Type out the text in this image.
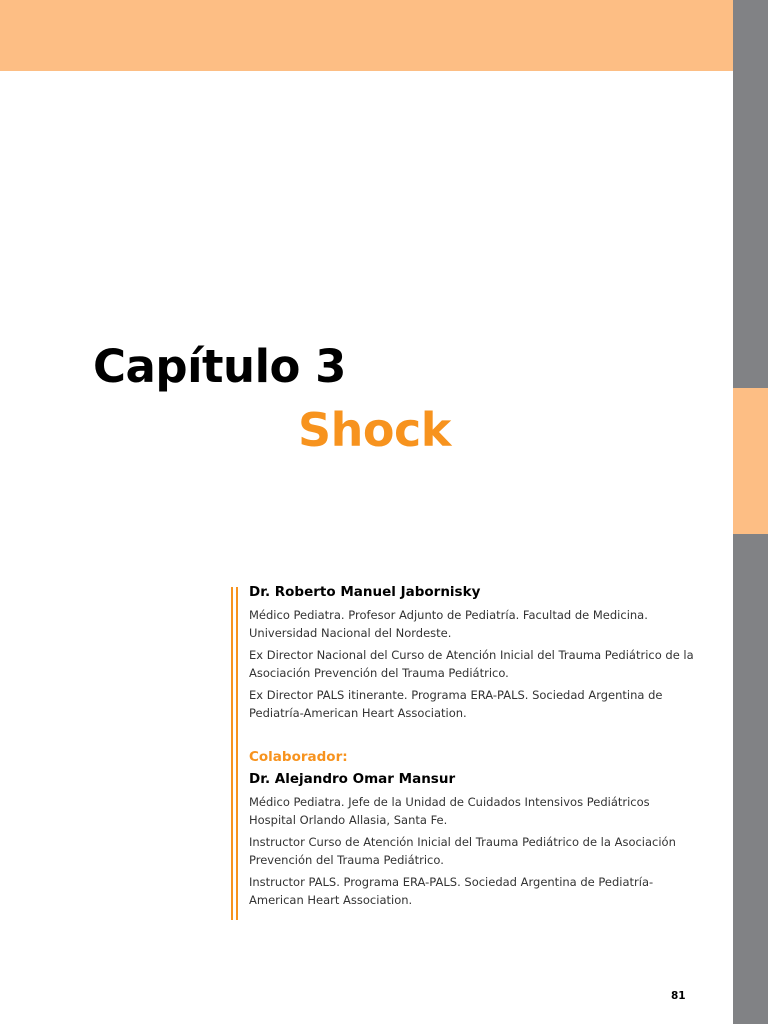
Capítulo 3
Shock

Dr. Roberto Manuel Jabornisky

Médico Pediatra. Profesor Adjunto de Pediatría. Facultad de Medicina. Universidad Nacional del Nordeste.

Ex Director Nacional del Curso de Atención Inicial del Trauma Pediátrico de la Asociación Prevención del Trauma Pediátrico.

Ex Director PALS itinerante. Programa ERA-PALS. Sociedad Argentina de Pediatría-American Heart Association.

Colaborador:

Dr. Alejandro Omar Mansur

Médico Pediatra. Jefe de la Unidad de Cuidados Intensivos Pediátricos Hospital Orlando Allasia, Santa Fe.

Instructor Curso de Atención Inicial del Trauma Pediátrico de la Asociación Prevención del Trauma Pediátrico.

Instructor PALS. Programa ERA-PALS. Sociedad Argentina de Pediatría-American Heart Association.

81
